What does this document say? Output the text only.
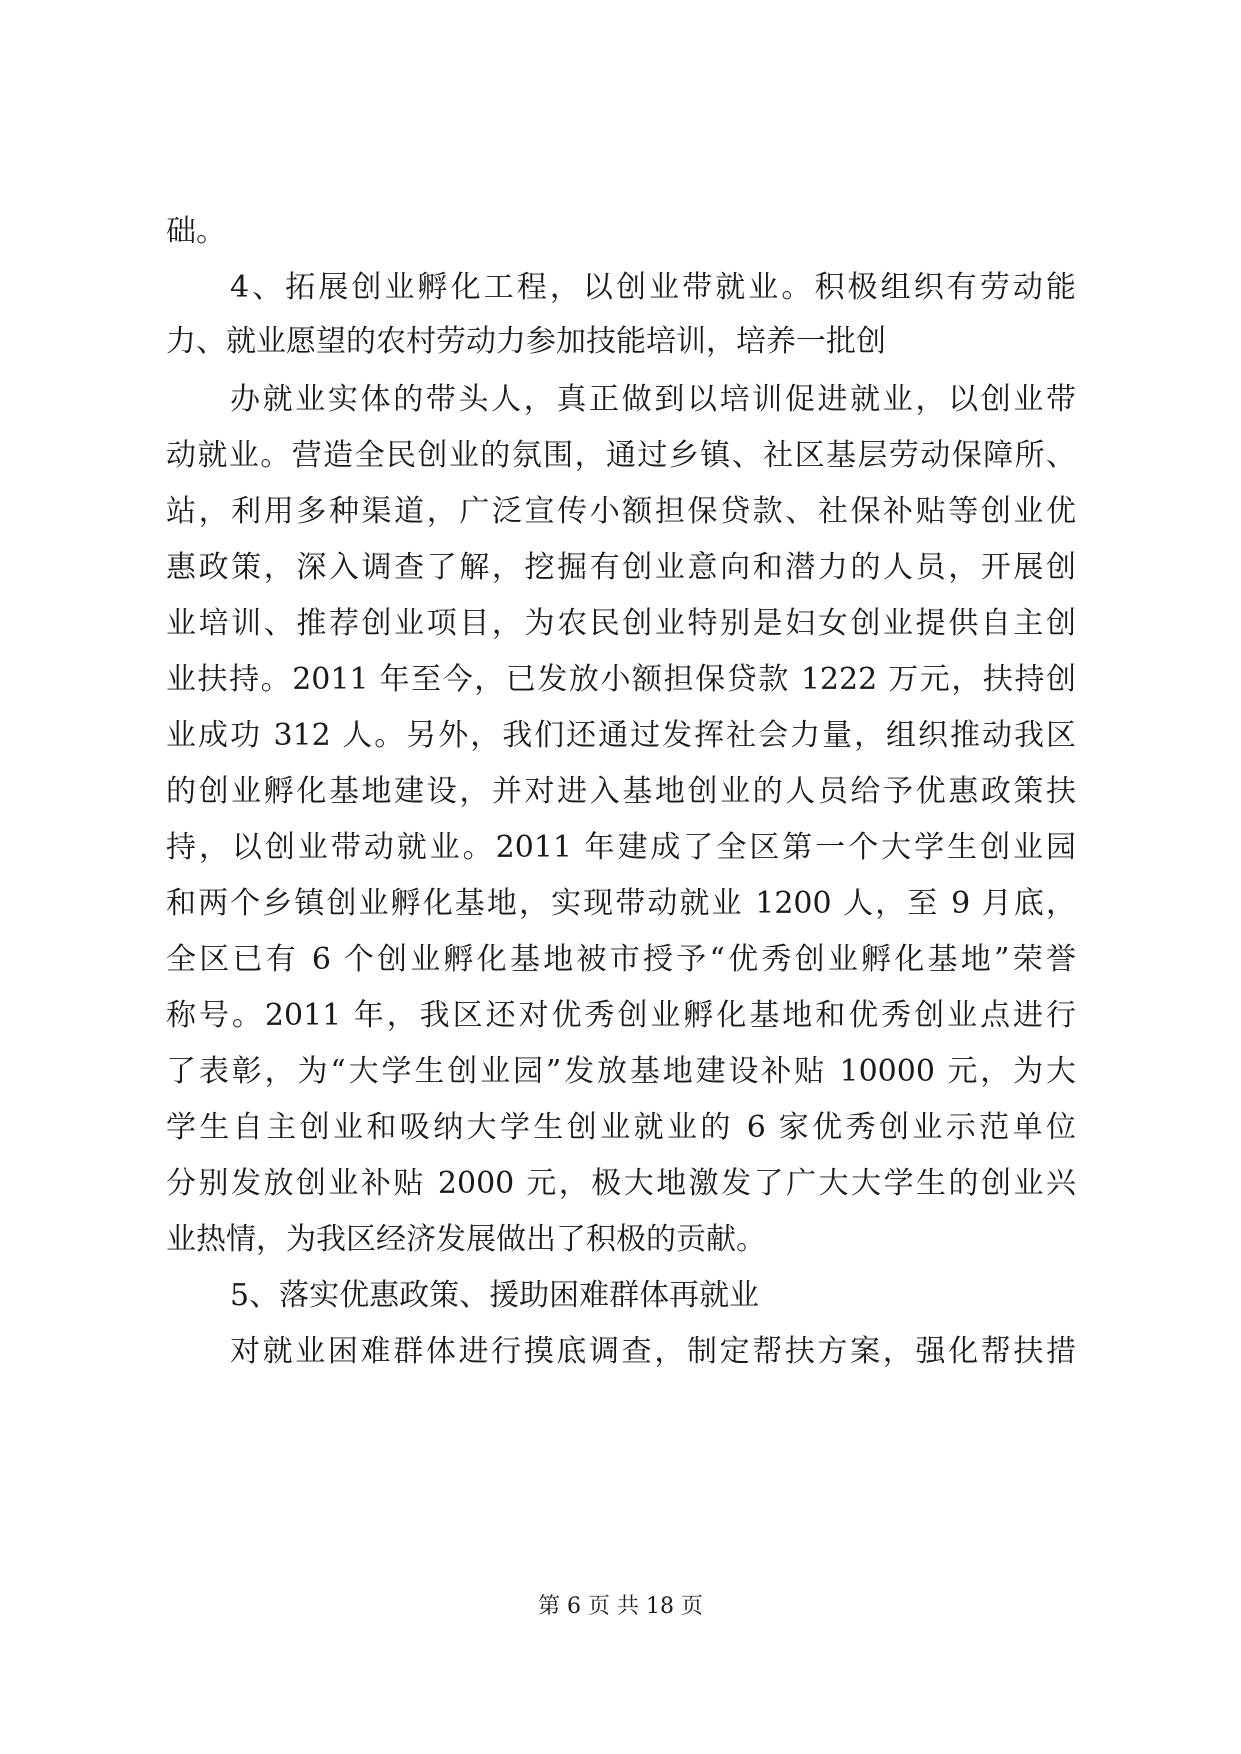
础。
4、拓展创业孵化工程，以创业带就业。积极组织有劳动能
力、就业愿望的农村劳动力参加技能培训，培养一批创
办就业实体的带头人，真正做到以培训促进就业，以创业带
动就业。营造全民创业的氛围，通过乡镇、社区基层劳动保障所、
站，利用多种渠道，广泛宣传小额担保贷款、社保补贴等创业优
惠政策，深入调查了解，挖掘有创业意向和潜力的人员，开展创
业培训、推荐创业项目，为农民创业特别是妇女创业提供自主创
业扶持。2011 年至今，已发放小额担保贷款 1222 万元，扶持创
业成功 312 人。另外，我们还通过发挥社会力量，组织推动我区
的创业孵化基地建设，并对进入基地创业的人员给予优惠政策扶
持，以创业带动就业。2011 年建成了全区第一个大学生创业园
和两个乡镇创业孵化基地，实现带动就业 1200 人，至 9 月底，
全区已有 6 个创业孵化基地被市授予“优秀创业孵化基地”荣誉
称号。2011 年，我区还对优秀创业孵化基地和优秀创业点进行
了表彰，为“大学生创业园”发放基地建设补贴 10000 元，为大
学生自主创业和吸纳大学生创业就业的 6 家优秀创业示范单位
分别发放创业补贴 2000 元，极大地激发了广大大学生的创业兴
业热情，为我区经济发展做出了积极的贡献。
5、落实优惠政策、援助困难群体再就业
对就业困难群体进行摸底调查，制定帮扶方案，强化帮扶措
第 6 页 共 18 页
